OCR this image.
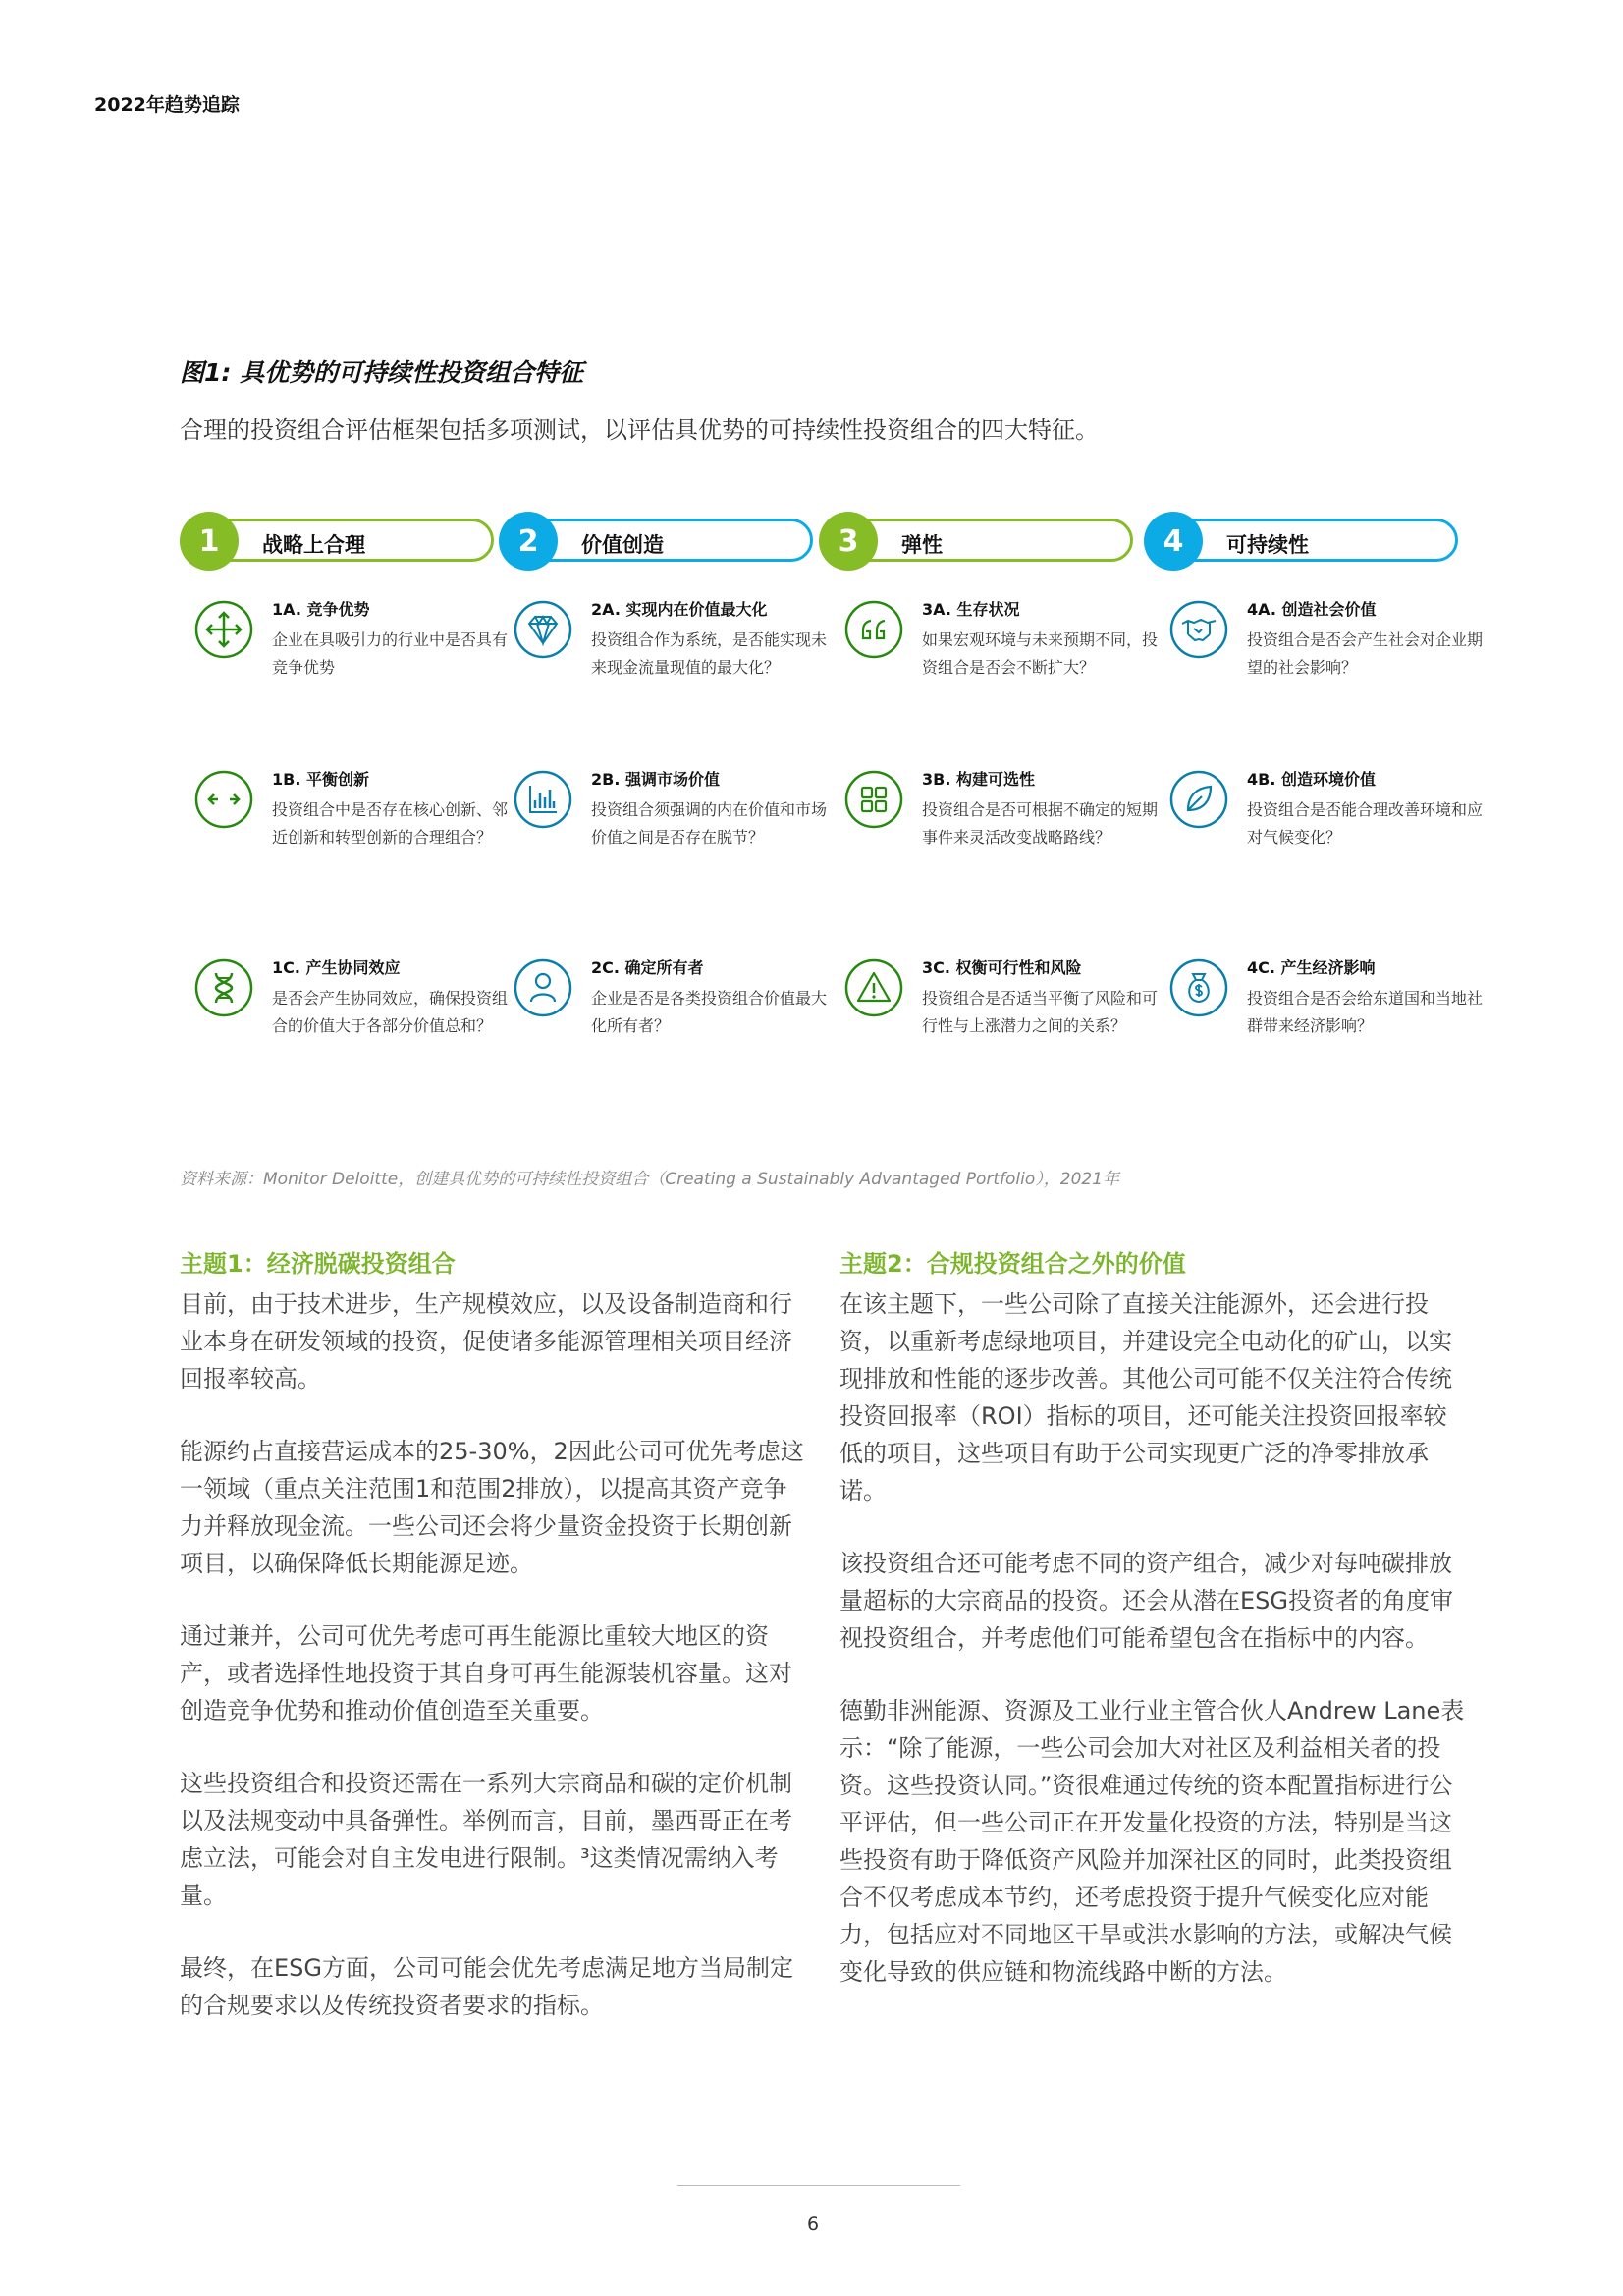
2022年趋势追踪
图1: 具优势的可持续性投资组合特征
合理的投资组合评估框架包括多项测试，以评估具优势的可持续性投资组合的四大特征。
1	战略上合理	2	价值创造	3	弹性	4	可持续性

1A. 竞争优势

企业在具吸引力的行业中是否具有竞争优势

1B. 平衡创新

投资组合中是否存在核心创新、邻近创新和转型创新的合理组合？

1C. 产生协同效应

是否会产生协同效应，确保投资组合的价值大于各部分价值总和？

2A. 实现内在价值最大化

投资组合作为系统，是否能实现未来现金流量现值的最大化？

2B. 强调市场价值

投资组合须强调的内在价值和市场价值之间是否存在脱节？

2C. 确定所有者

企业是否是各类投资组合价值最大化所有者？

3A. 生存状况

如果宏观环境与未来预期不同，投资组合是否会不断扩大？

3B. 构建可选性

投资组合是否可根据不确定的短期事件来灵活改变战略路线？

3C. 权衡可行性和风险

投资组合是否适当平衡了风险和可行性与上涨潜力之间的关系？

4A. 创造社会价值

投资组合是否会产生社会对企业期望的社会影响？

4B. 创造环境价值

投资组合是否能合理改善环境和应对气候变化？

4C. 产生经济影响

投资组合是否会给东道国和当地社群带来经济影响？

资料来源：Monitor Deloitte，创建具优势的可持续性投资组合（Creating a Sustainably Advantaged Portfolio），2021年
主题1：经济脱碳投资组合

目前，由于技术进步，生产规模效应，以及设备制造商和行业本身在研发领域的投资，促使诸多能源管理相关项目经济回报率较高。

能源约占直接营运成本的25-30%，2因此公司可优先考虑这一领域（重点关注范围1和范围2排放），以提高其资产竞争力并释放现金流。一些公司还会将少量资金投资于长期创新项目，以确保降低长期能源足迹。

通过兼并，公司可优先考虑可再生能源比重较大地区的资产，或者选择性地投资于其自身可再生能源装机容量。这对创造竞争优势和推动价值创造至关重要。

这些投资组合和投资还需在一系列大宗商品和碳的定价机制以及法规变动中具备弹性。举例而言，目前，墨西哥正在考虑立法，可能会对自主发电进行限制。³这类情况需纳入考量。

最终，在ESG方面，公司可能会优先考虑满足地方当局制定的合规要求以及传统投资者要求的指标。

主题2：合规投资组合之外的价值

在该主题下，一些公司除了直接关注能源外，还会进行投资，以重新考虑绿地项目，并建设完全电动化的矿山，以实现排放和性能的逐步改善。其他公司可能不仅关注符合传统投资回报率（ROI）指标的项目，还可能关注投资回报率较低的项目，这些项目有助于公司实现更广泛的净零排放承诺。

该投资组合还可能考虑不同的资产组合，减少对每吨碳排放量超标的大宗商品的投资。还会从潜在ESG投资者的角度审视投资组合，并考虑他们可能希望包含在指标中的内容。

德勤非洲能源、资源及工业行业主管合伙人Andrew Lane表示：“除了能源，一些公司会加大对社区及利益相关者的投资。这些投资认同。”资很难通过传统的资本配置指标进行公平评估，但一些公司正在开发量化投资的方法，特别是当这些投资有助于降低资产风险并加深社区的同时，此类投资组合不仅考虑成本节约，还考虑投资于提升气候变化应对能力，包括应对不同地区干旱或洪水影响的方法，或解决气候变化导致的供应链和物流线路中断的方法。

6
